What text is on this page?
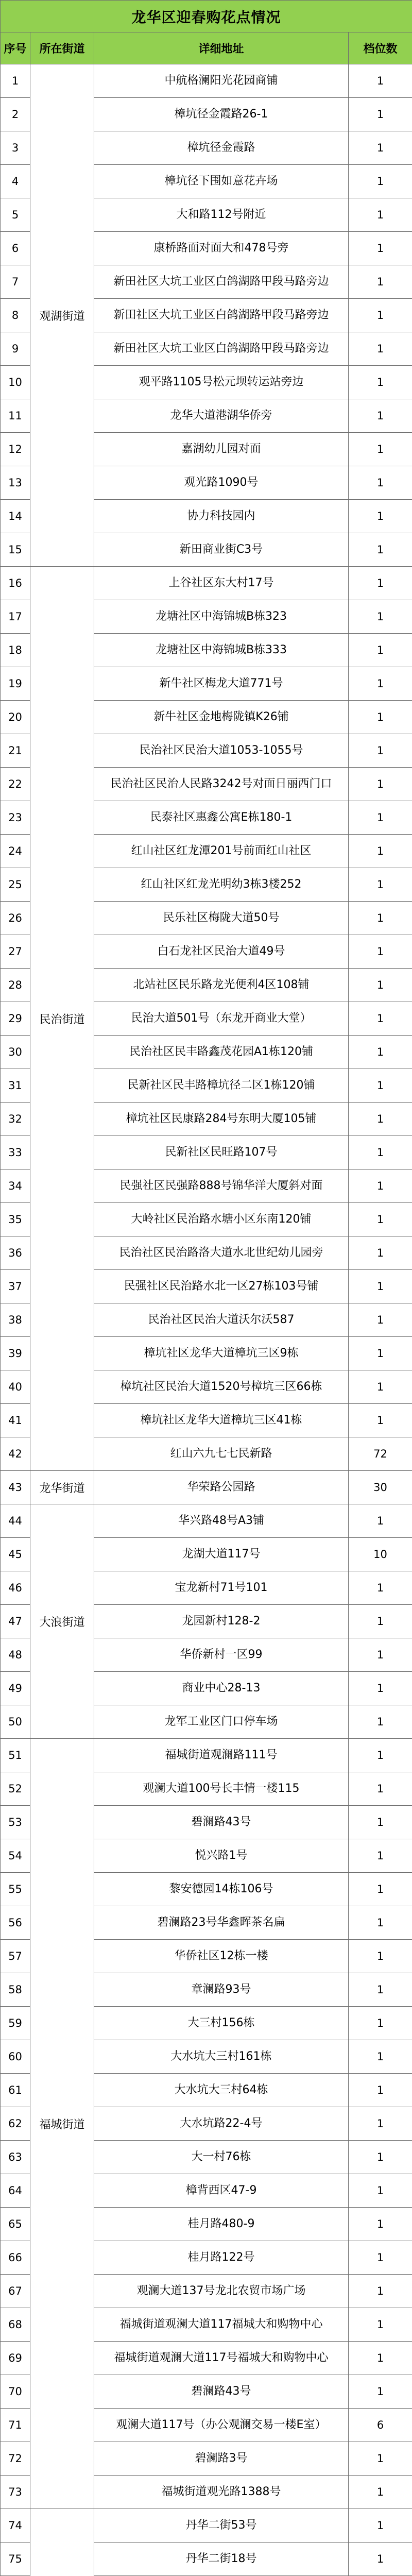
龙华区迎春购花点情况			
序号	所在街道	详细地址	档位数
1	观湖街道	中航格澜阳光花园商铺	1
2		樟坑径金霞路26-1	1
3		樟坑径金霞路	1
4		樟坑径下围如意花卉场	1
5		大和路112号附近	1
6		康桥路面对面大和478号旁	1
7		新田社区大坑工业区白鸽湖路甲段马路旁边	1
8		新田社区大坑工业区白鸽湖路甲段马路旁边	1
9		新田社区大坑工业区白鸽湖路甲段马路旁边	1
10		观平路1105号松元坝转运站旁边	1
11		龙华大道港湖华侨旁	1
12		嘉湖幼儿园对面	1
13		观光路1090号	1
14		协力科技园内	1
15		新田商业街C3号	1
16	民治街道	上谷社区东大村17号	1
17		龙塘社区中海锦城B栋323	1
18		龙塘社区中海锦城B栋333	1
19		新牛社区梅龙大道771号	1
20		新牛社区金地梅陇镇K26铺	1
21		民治社区民治大道1053-1055号	1
22		民治社区民治人民路3242号对面日丽西门口	1
23		民泰社区惠鑫公寓E栋180-1	1
24		红山社区红龙潭201号前面红山社区	1
25		红山社区红龙光明幼3栋3楼252	1
26		民乐社区梅陇大道50号	1
27		白石龙社区民治大道49号	1
28		北站社区民乐路龙光便利4区108铺	1
29		民治大道501号（东龙开商业大堂）	1
30		民治社区民丰路鑫茂花园A1栋120铺	1
31		民新社区民丰路樟坑径二区1栋120铺	1
32		樟坑社区民康路284号东明大厦105铺	1
33		民新社区民旺路107号	1
34		民强社区民强路888号锦华洋大厦斜对面	1
35		大岭社区民治路水塘小区东南120铺	1
36		民治社区民治路洛大道水北世纪幼儿园旁	1
37		民强社区民治路水北一区27栋103号铺	1
38		民治社区民治大道沃尔沃587	1
39		樟坑社区龙华大道樟坑三区9栋	1
40		樟坑社区民治大道1520号樟坑三区66栋	1
41		樟坑社区龙华大道樟坑三区41栋	1
42		红山六九七七民新路	72
43	龙华街道	华荣路公园路	30
44	大浪街道	华兴路48号A3铺	1
45		龙湖大道117号	10
46		宝龙新村71号101	1
47		龙园新村128-2	1
48		华侨新村一区99	1
49		商业中心28-13	1
50		龙军工业区门口停车场	1
51	福城街道	福城街道观澜路111号	1
52		观澜大道100号长丰情一楼115	1
53		碧澜路43号	1
54		悦兴路1号	1
55		黎安德园14栋106号	1
56		碧澜路23号华鑫晖茶名扁	1
57		华侨社区12栋一楼	1
58		章澜路93号	1
59		大三村156栋	1
60		大水坑大三村161栋	1
61		大水坑大三村64栋	1
62		大水坑路22-4号	1
63		大一村76栋	1
64		樟背西区47-9	1
65		桂月路480-9	1
66		桂月路122号	1
67		观澜大道137号龙北农贸市场广场	1
68		福城街道观澜大道117福城大和购物中心	1
69		福城街道观澜大道117号福城大和购物中心	1
70		碧澜路43号	1
71		观澜大道117号（办公观澜交易一楼E室）	6
72		碧澜路3号	1
73		福城街道观光路1388号	1
74		丹华二街53号	1
75		丹华二街18号	1
